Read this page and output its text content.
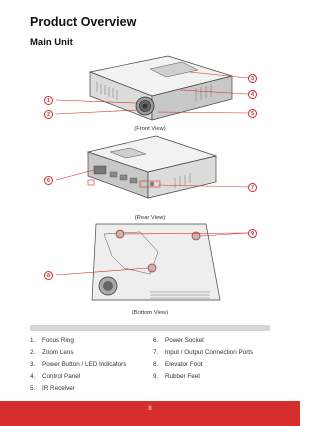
Product Overview
Main Unit
1
2
3
4
5
6
7
9
8
(Front View)
(Rear View)
(Bottom View)
1. Focus Ring
2. Zoom Lens
3. Power Button / LED Indicators
4. Control Panel
5. IR Receiver
6. Power Socket
7. Input / Output Connection Ports
8. Elevator Foot
9. Rubber Feet
8
